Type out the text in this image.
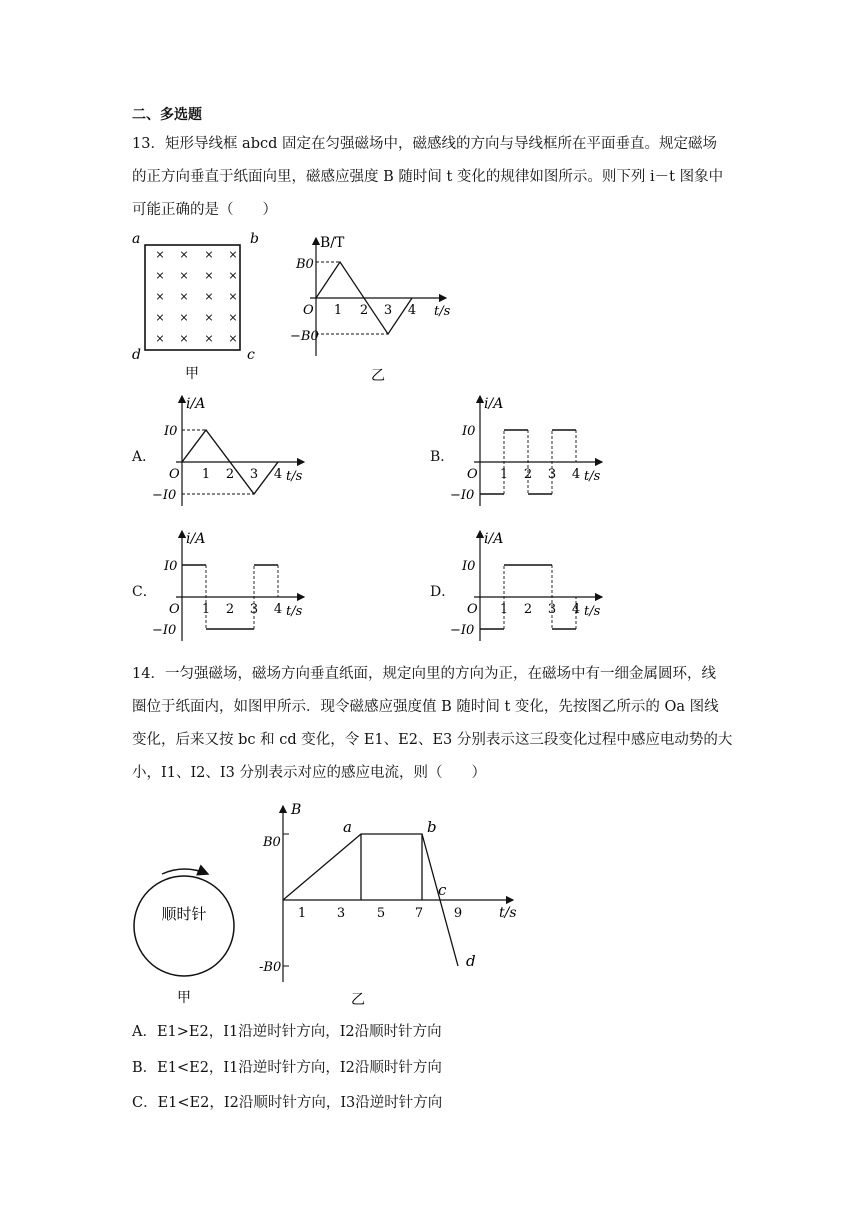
二、多选题
13．矩形导线框 abcd 固定在匀强磁场中，磁感线的方向与导线框所在平面垂直。规定磁场
的正方向垂直于纸面向里，磁感应强度 B 随时间 t 变化的规律如图所示。则下列 i－t 图象中
可能正确的是（　　）
a	b
c
d
× × × ×
× × × ×
× × × ×
× × × ×
× × × ×
甲
B/T
t/s
O
B0
−B0
1 2 3 4
乙
A．
i/A
t/s
O
I0
−I0
1 2 3 4
B．
i/A
t/s
O
I0
−I0
1 2 3 4
C．
i/A
t/s
O
I0
−I0
1 2 3 4
D．
i/A
t/s
O
I0
−I0
1 2 3 4
14．一匀强磁场，磁场方向垂直纸面，规定向里的方向为正，在磁场中有一细金属圆环，线
圈位于纸面内，如图甲所示．现令磁感应强度值 B 随时间 t 变化，先按图乙所示的 Oa 图线
变化，后来又按 bc 和 cd 变化，令 E1、E2、E3 分别表示这三段变化过程中感应电动势的大
小，I1、I2、I3 分别表示对应的感应电流，则（　　）
顺时针
甲
B
t/s
B0
-B0
1 3 5 7 9
a	b
c
d
乙
A．E1>E2，I1沿逆时针方向，I2沿顺时针方向
B．E1<E2，I1沿逆时针方向，I2沿顺时针方向
C．E1<E2，I2沿顺时针方向，I3沿逆时针方向
